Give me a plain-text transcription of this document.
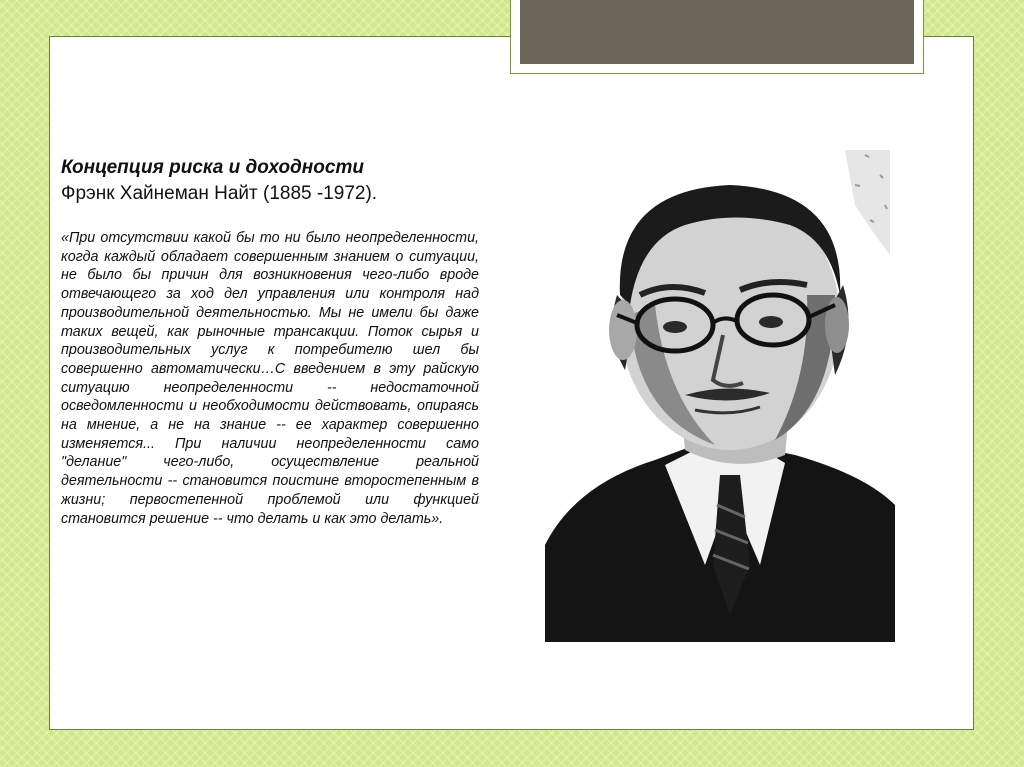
Концепция риска и доходности

Фрэнк Хайнеман Найт (1885 -1972).

«При отсутствии какой бы то ни было неопределенности, когда каждый обладает совершенным знанием о ситуации, не было бы причин для возникновения чего-либо вроде отвечающего за ход дел управления или контроля над производительной деятельностью. Мы не имели бы даже таких вещей, как рыночные трансакции. Поток сырья и производительных услуг к потребителю шел бы совершенно автоматически…С введением в эту райскую ситуацию неопределенности -- недостаточной осведомленности и необходимости действовать, опираясь на мнение, а не на знание -- ее характер совершенно изменяется... При наличии неопределенности само "делание" чего-либо, осуществление реальной деятельности -- становится поистине второстепенным в жизни; первостепенной проблемой или функцией становится решение -- что делать и как это делать».
